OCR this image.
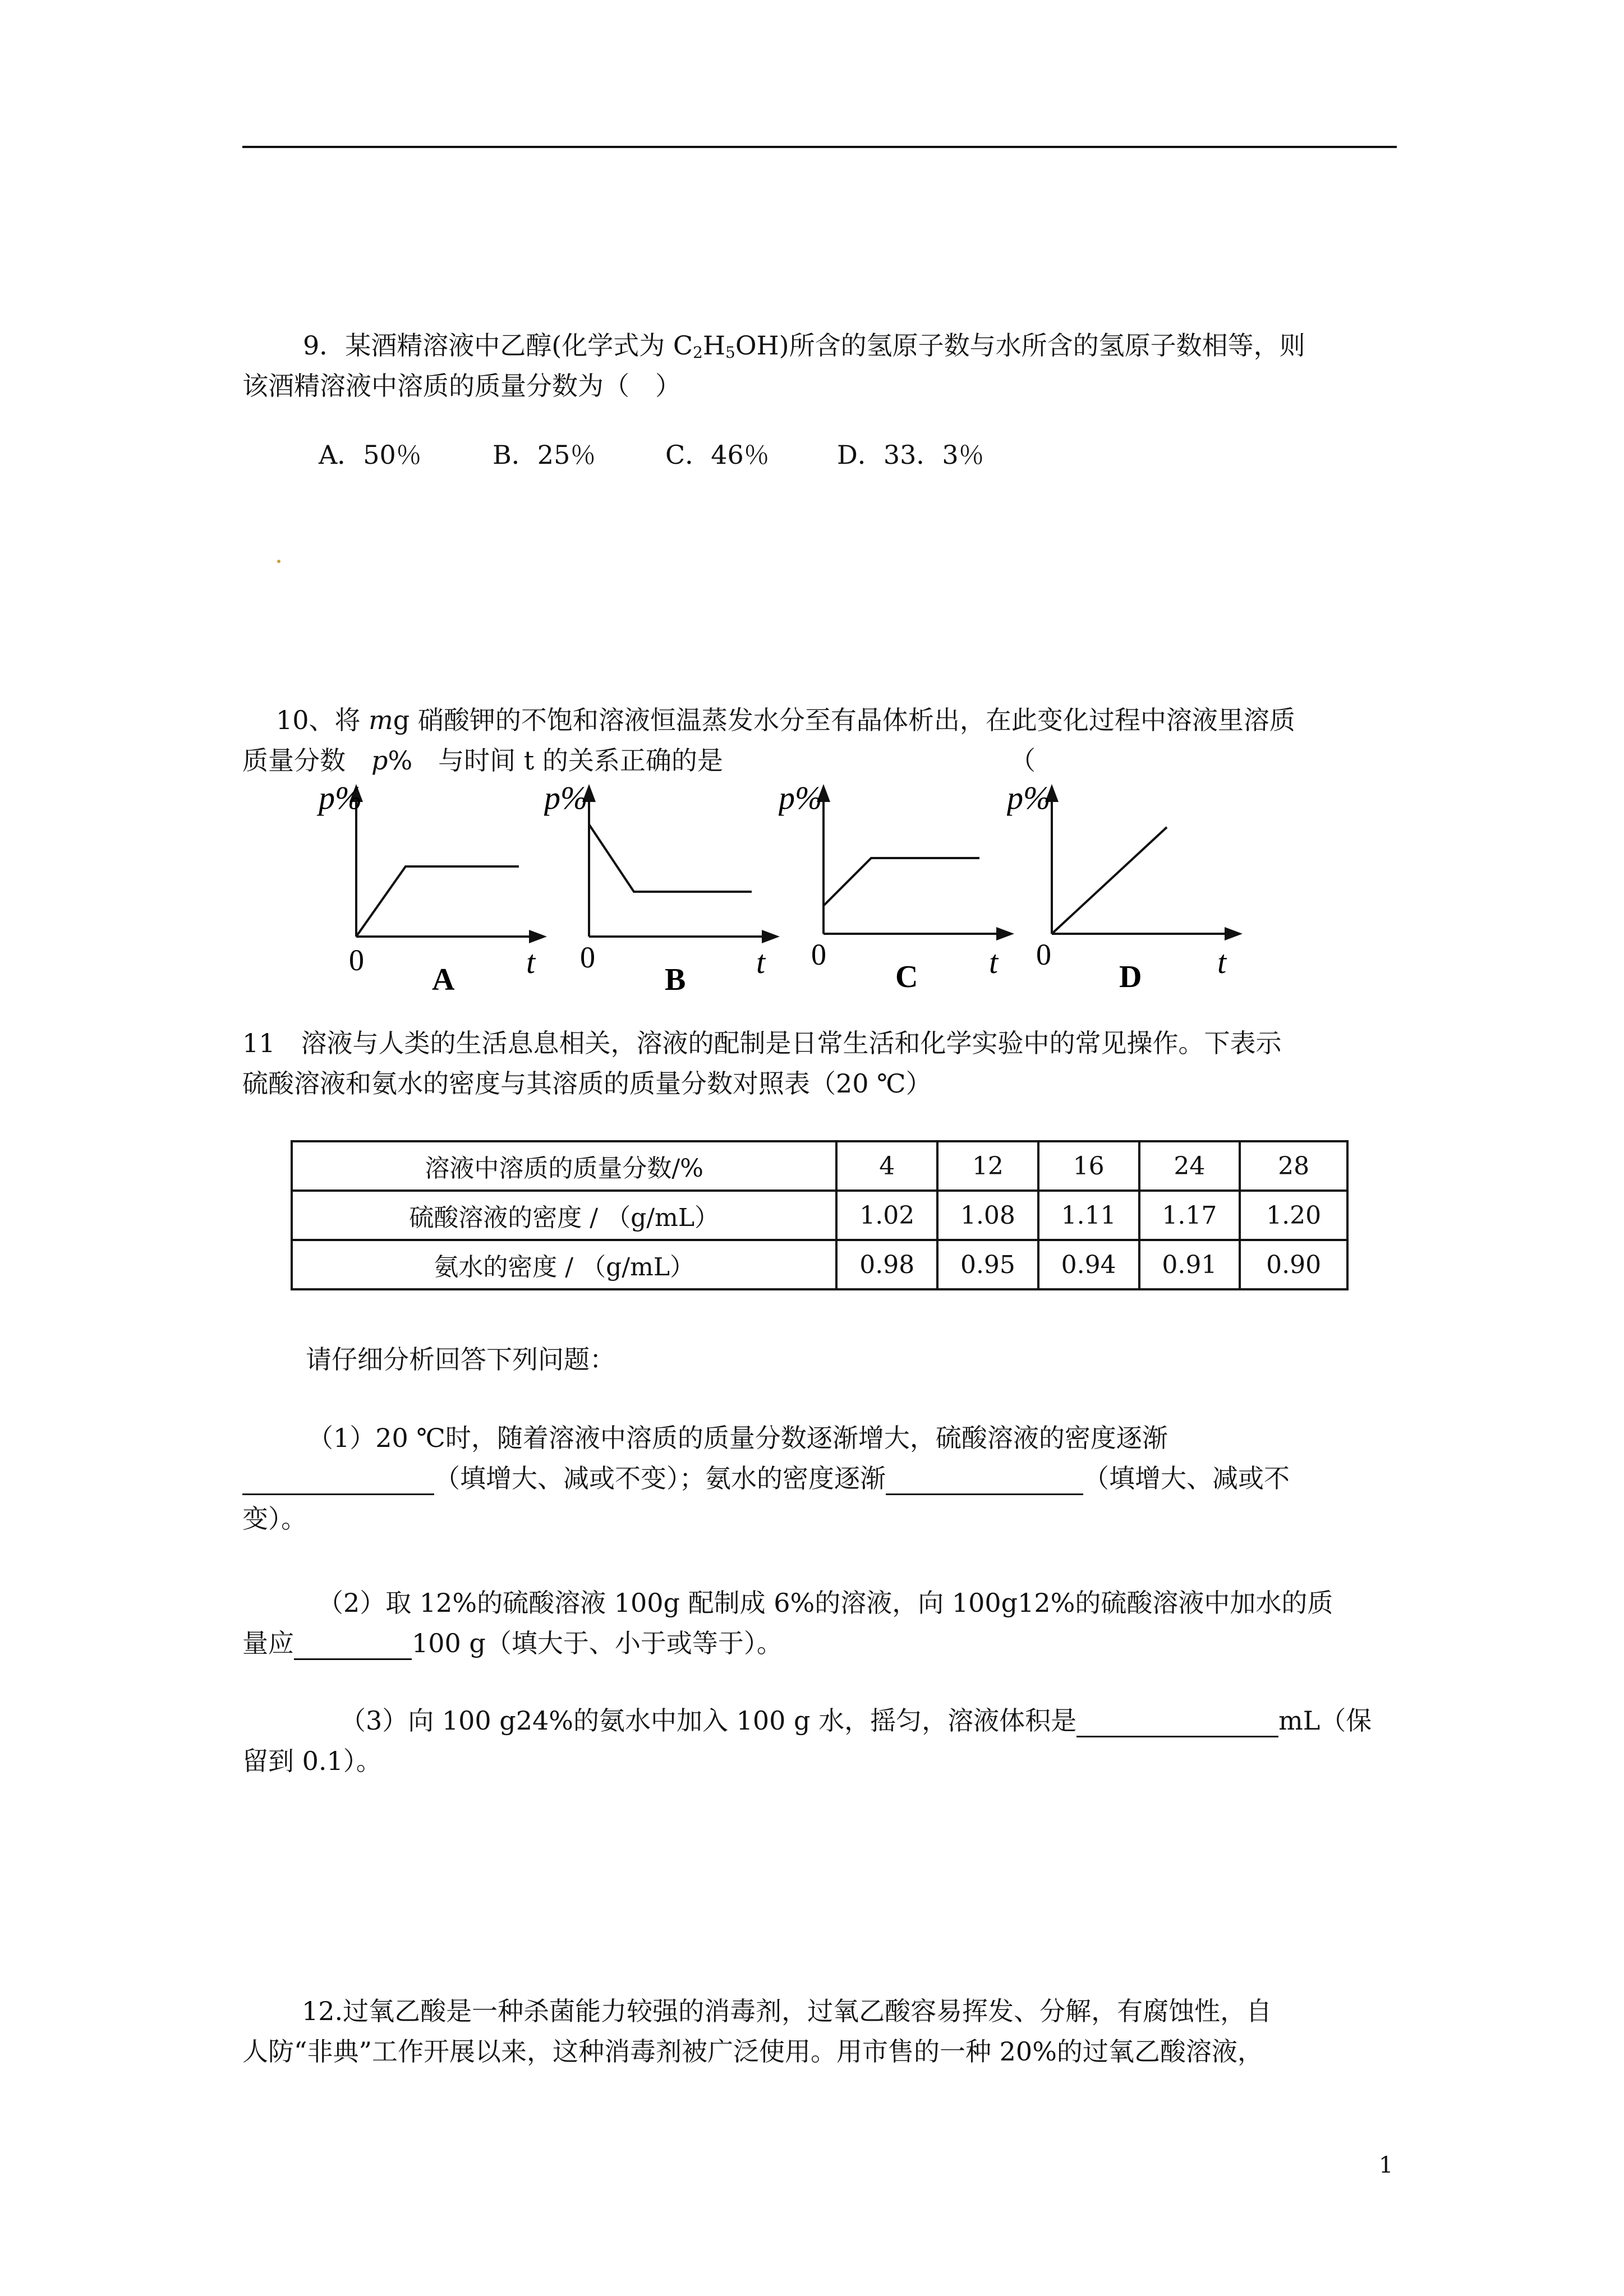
9．某酒精溶液中乙醇(化学式为 $C_2H_5OH$)所含的氢原子数与水所含的氢原子数相等，则
该酒精溶液中溶质的质量分数为（　）
A．50％	B．25％	C．46％	D．33．3％
10、将 mg 硝酸钾的不饱和溶液恒温蒸发水分至有晶体析出，在此变化过程中溶液里溶质
质量分数　p%　与时间 t 的关系正确的是	（
p%
0	t
A
p%
0	t
B
p%
0	t
C
p%
0	t
D
11　溶液与人类的生活息息相关，溶液的配制是日常生活和化学实验中的常见操作。下表示
硫酸溶液和氨水的密度与其溶质的质量分数对照表（20 ℃）
溶液中溶质的质量分数/%	4	12	16	24	28
硫酸溶液的密度 / （g/mL）	1.02	1.08	1.11	1.17	1.20
氨水的密度 / （g/mL）	0.98	0.95	0.94	0.91	0.90
请仔细分析回答下列问题：
（1）20 ℃时，随着溶液中溶质的质量分数逐渐增大，硫酸溶液的密度逐渐
（填增大、减或不变）；氨水的密度逐渐	（填增大、减或不
变）。
（2）取 12%的硫酸溶液 100g 配制成 6%的溶液，向 100g12%的硫酸溶液中加水的质
量应	100 g（填大于、小于或等于）。
（3）向 100 g24%的氨水中加入 100 g 水，摇匀，溶液体积是	mL（保
留到 0.1）。
12.过氧乙酸是一种杀菌能力较强的消毒剂，过氧乙酸容易挥发、分解，有腐蚀性，自
人防“非典”工作开展以来，这种消毒剂被广泛使用。用市售的一种 20%的过氧乙酸溶液，
1
